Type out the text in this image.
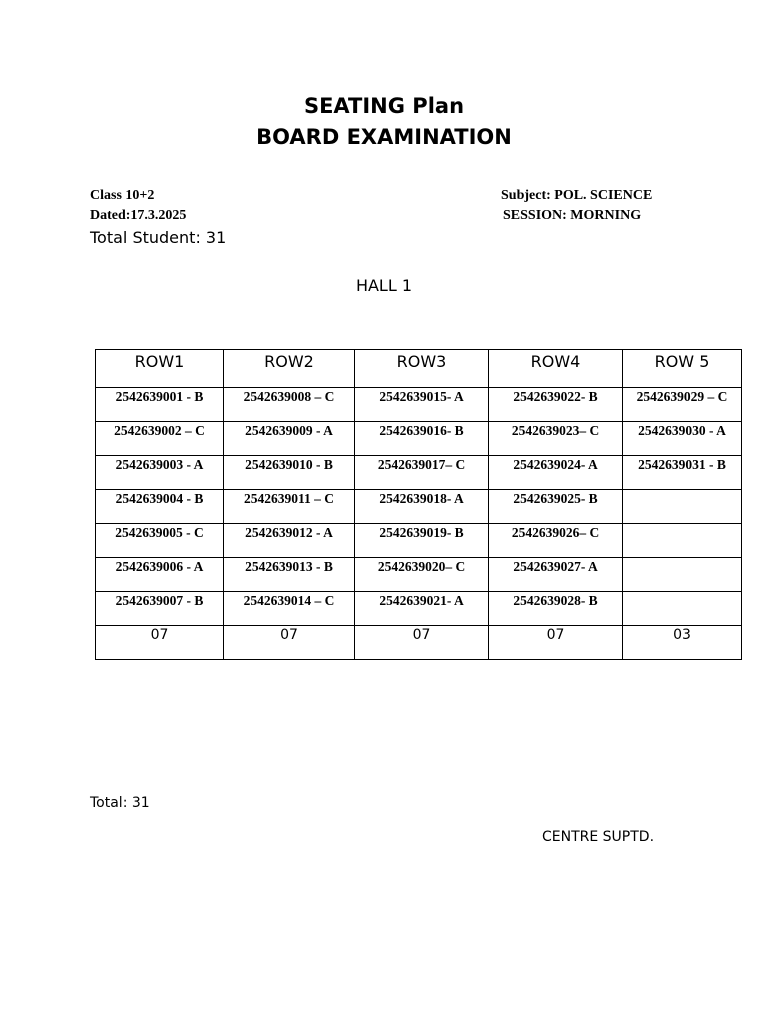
SEATING Plan
BOARD EXAMINATION
Class 10+2
Dated:17.3.2025
Subject: POL. SCIENCE
SESSION: MORNING
Total Student: 31
HALL 1
ROW1	ROW2	ROW3	ROW4	ROW 5
2542639001 - B	2542639008 – C	2542639015- A	2542639022- B	2542639029 – C
2542639002 – C	2542639009 - A	2542639016- B	2542639023– C	2542639030 - A
2542639003 - A	2542639010 - B	2542639017– C	2542639024- A	2542639031 - B
2542639004 - B	2542639011 – C	2542639018- A	2542639025- B	
2542639005 - C	2542639012 - A	2542639019- B	2542639026– C	
2542639006 - A	2542639013 - B	2542639020– C	2542639027- A	
2542639007 - B	2542639014 – C	2542639021- A	2542639028- B	
07	07	07	07	03
Total: 31
CENTRE SUPTD.
